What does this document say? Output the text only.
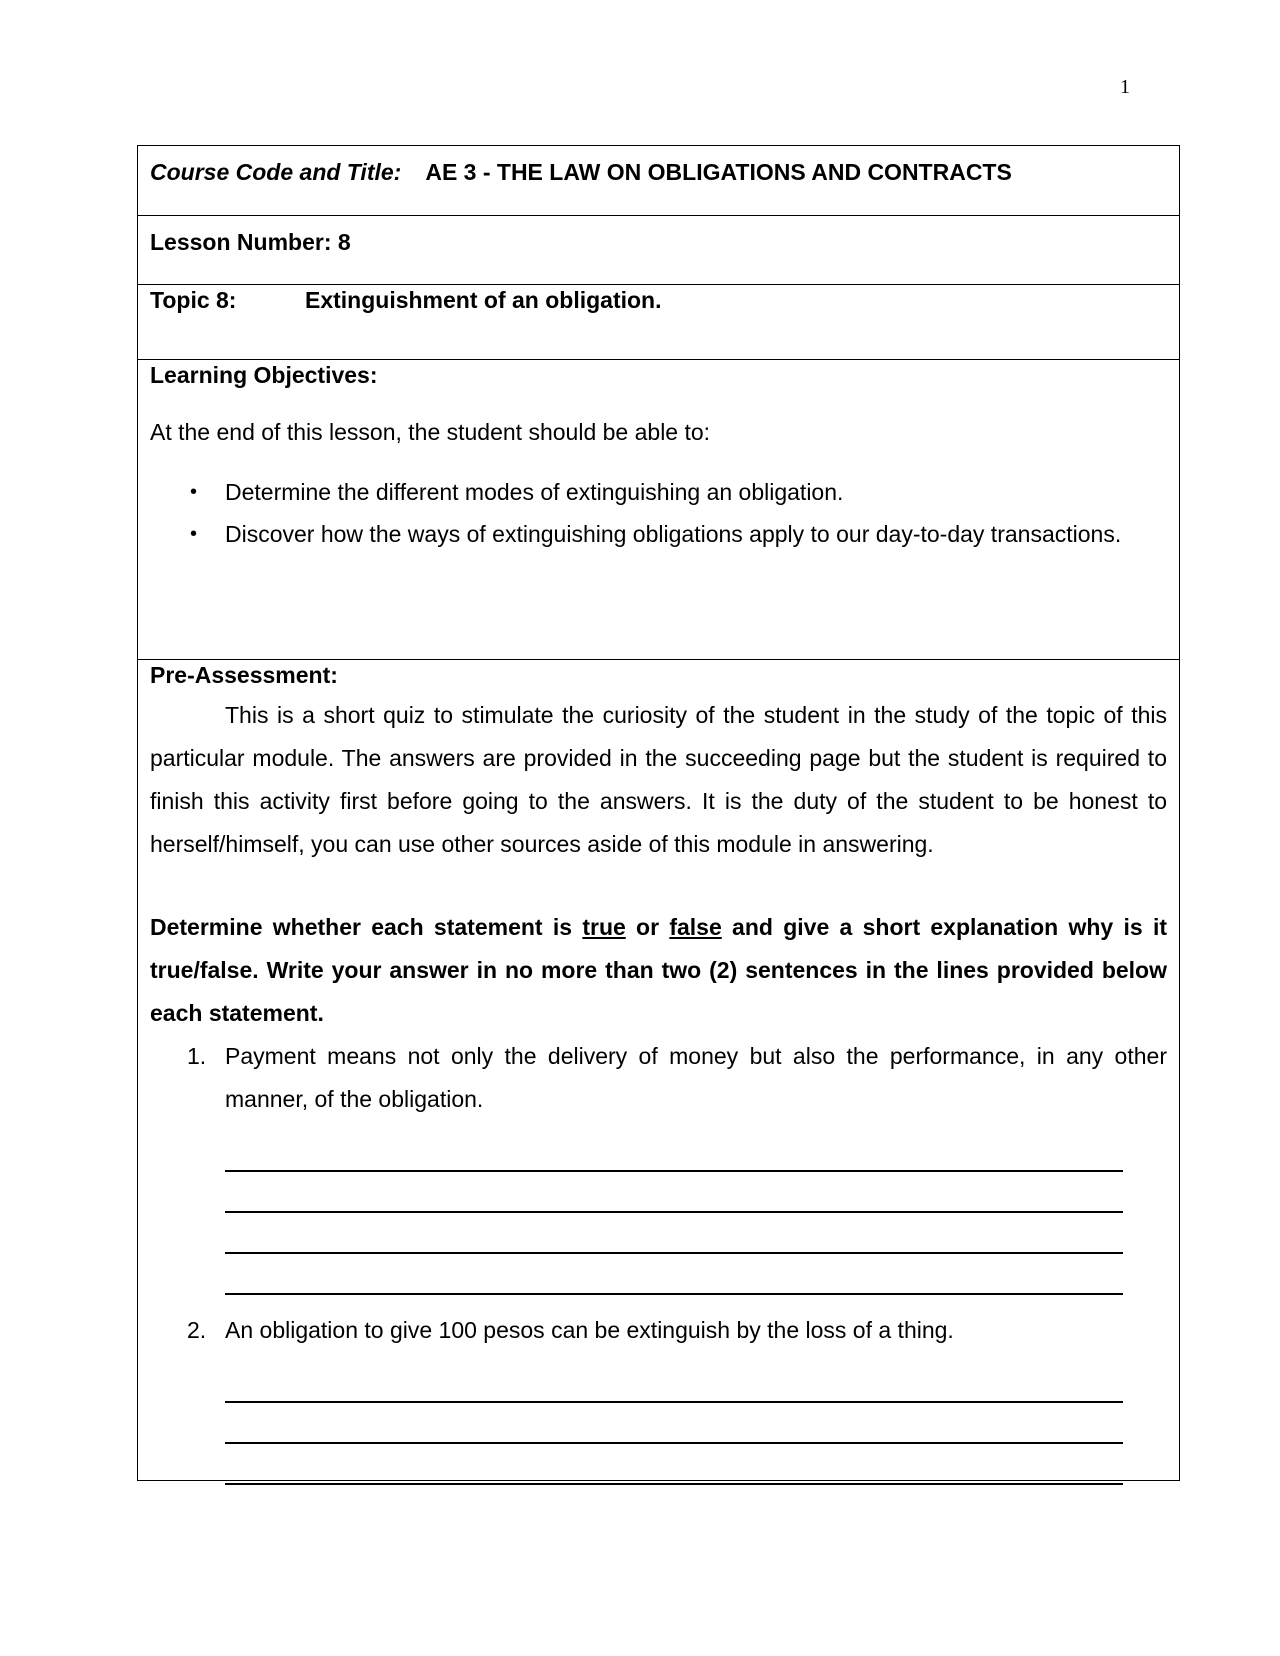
1
Course Code and Title: AE 3 - THE LAW ON OBLIGATIONS AND CONTRACTS
Lesson Number: 8
Topic 8:	Extinguishment of an obligation.
Learning Objectives:
At the end of this lesson, the student should be able to:
• Determine the different modes of extinguishing an obligation.
• Discover how the ways of extinguishing obligations apply to our day-to-day transactions.
Pre-Assessment:
This is a short quiz to stimulate the curiosity of the student in the study of the topic of this particular module. The answers are provided in the succeeding page but the student is required to finish this activity first before going to the answers. It is the duty of the student to be honest to herself/himself, you can use other sources aside of this module in answering.
Determine whether each statement is true or false and give a short explanation why is it true/false. Write your answer in no more than two (2) sentences in the lines provided below each statement.
1. Payment means not only the delivery of money but also the performance, in any other manner, of the obligation.
2. An obligation to give 100 pesos can be extinguish by the loss of a thing.
